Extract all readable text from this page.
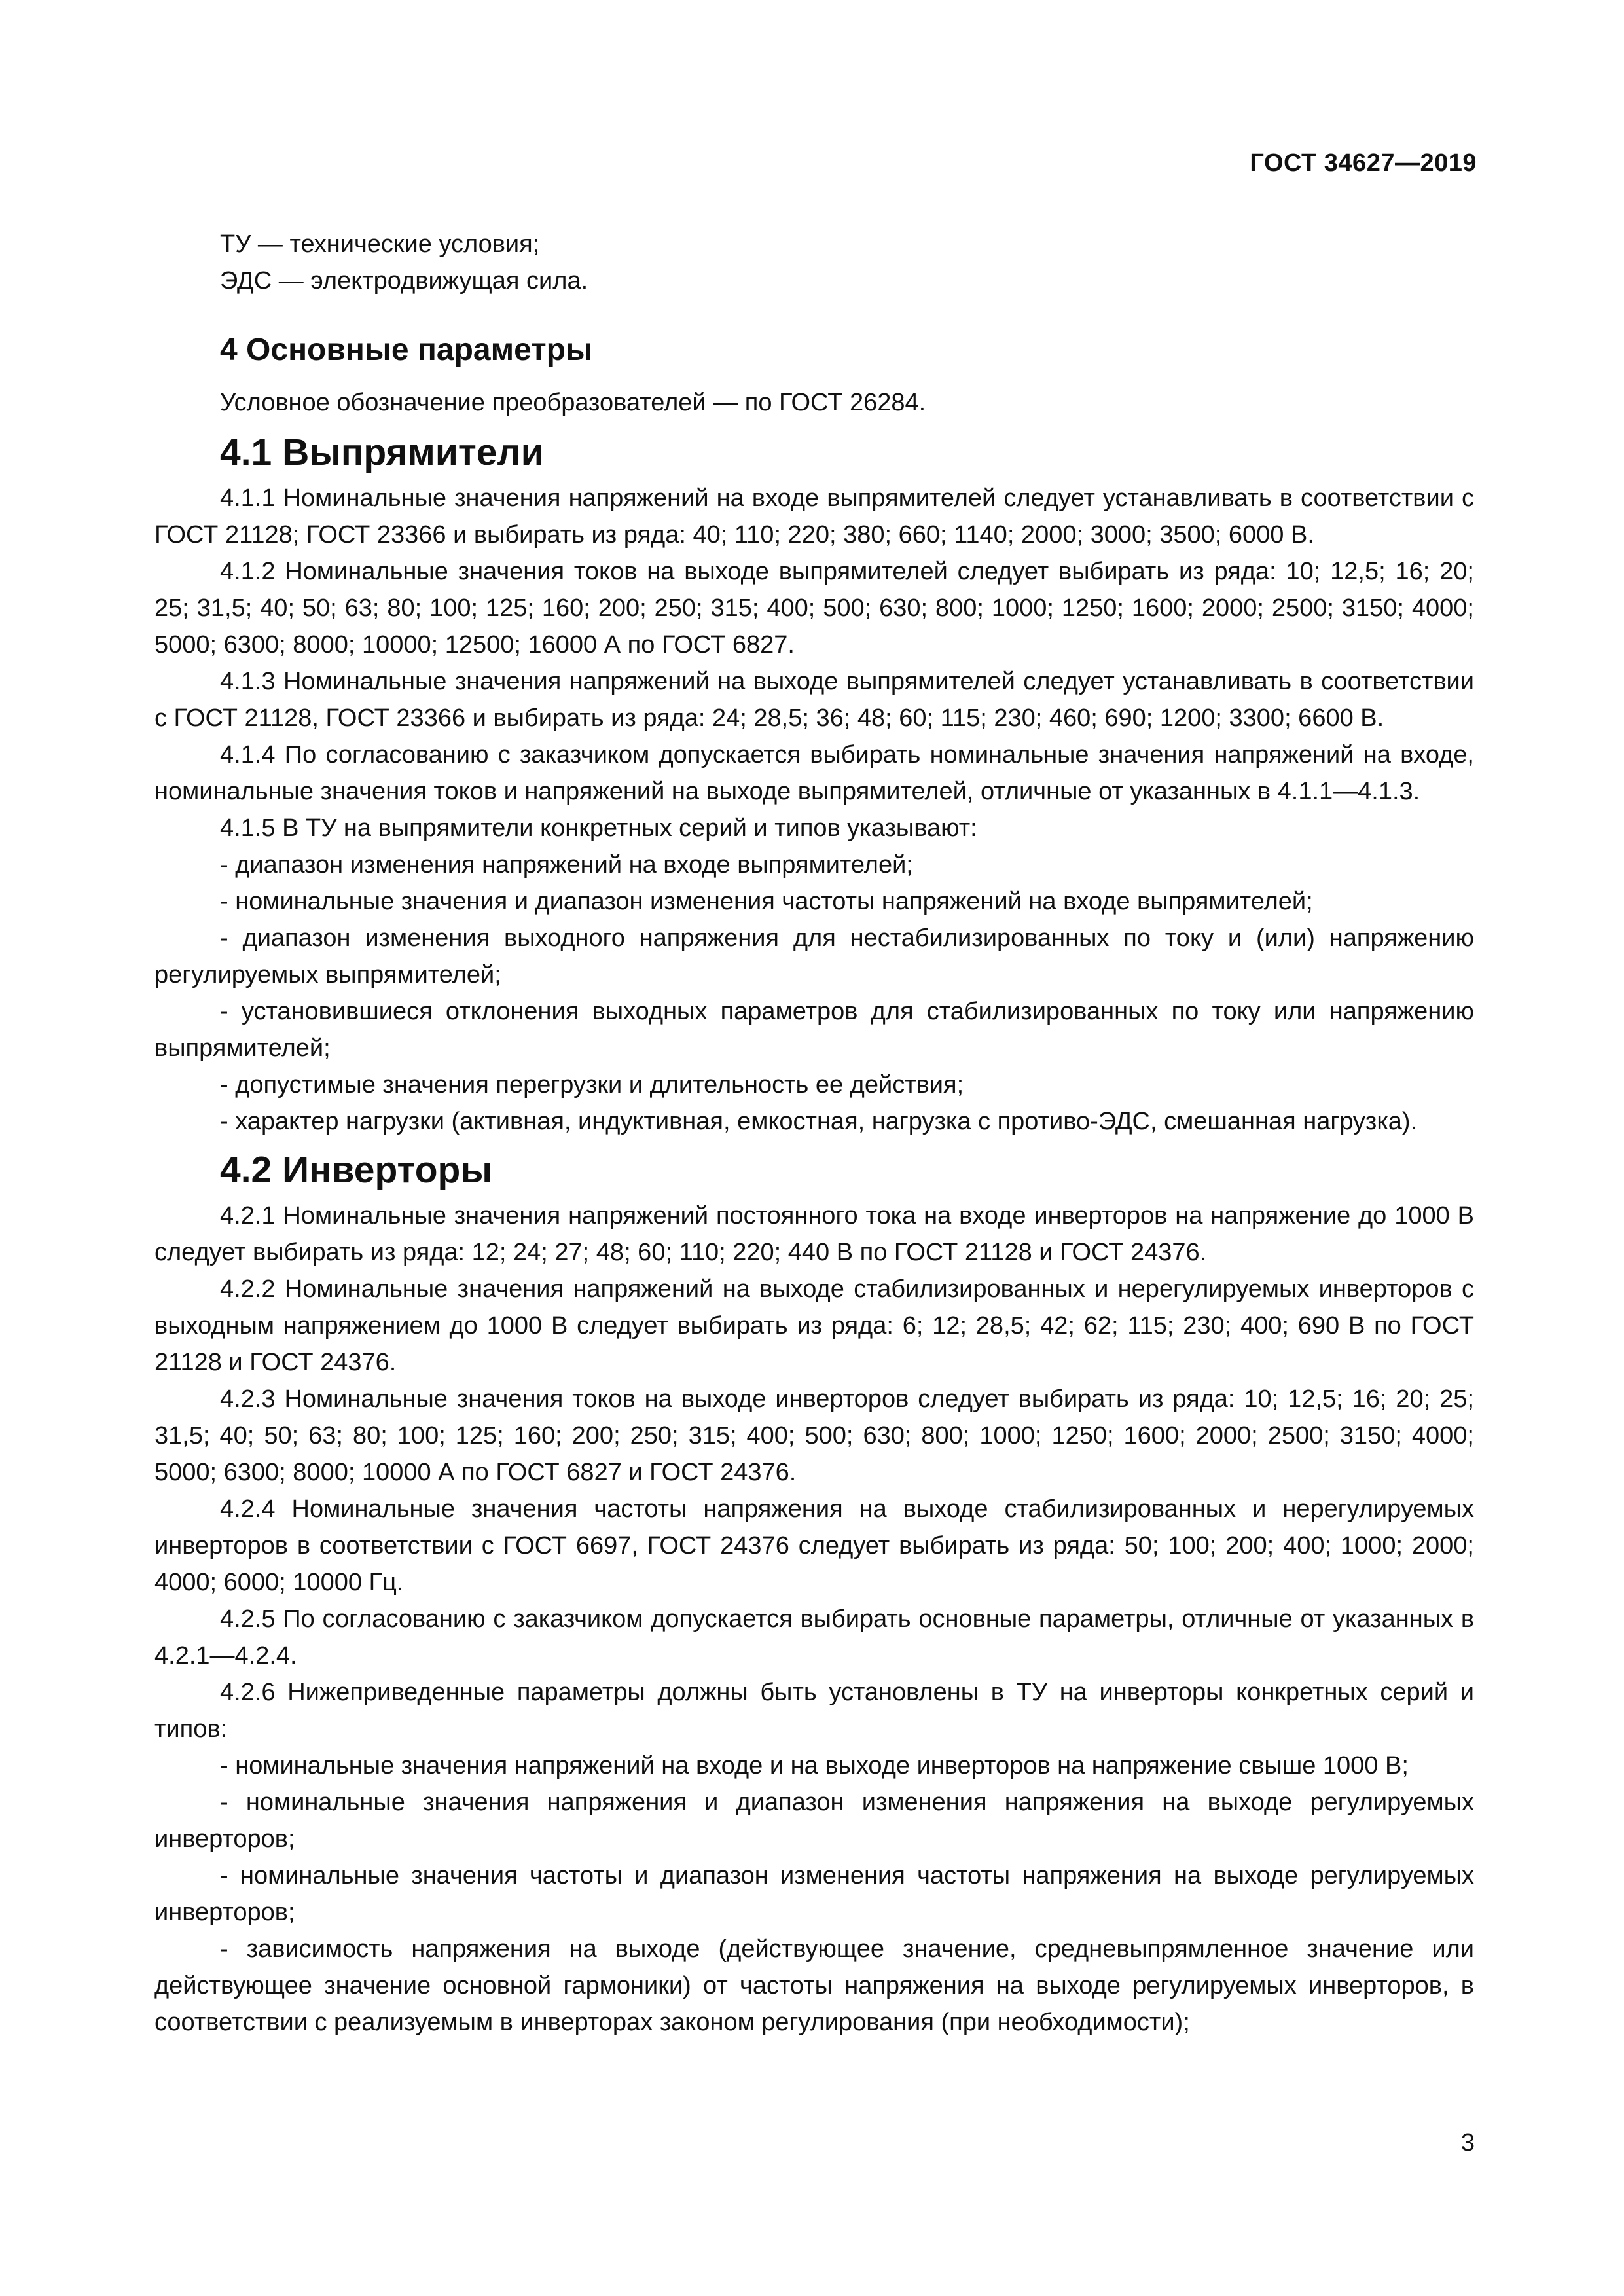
ГОСТ 34627—2019

ТУ — технические условия;

ЭДС — электродвижущая сила.

4 Основные параметры

Условное обозначение преобразователей — по ГОСТ 26284.

4.1 Выпрямители

4.1.1 Номинальные значения напряжений на входе выпрямителей следует устанавливать в соответствии с ГОСТ 21128; ГОСТ 23366 и выбирать из ряда: 40; 110; 220; 380; 660; 1140; 2000; 3000; 3500; 6000 В.

4.1.2 Номинальные значения токов на выходе выпрямителей следует выбирать из ряда: 10; 12,5; 16; 20; 25; 31,5; 40; 50; 63; 80; 100; 125; 160; 200; 250; 315; 400; 500; 630; 800; 1000; 1250; 1600; 2000; 2500; 3150; 4000; 5000; 6300; 8000; 10000; 12500; 16000 А по ГОСТ 6827.

4.1.3 Номинальные значения напряжений на выходе выпрямителей следует устанавливать в соответствии с ГОСТ 21128, ГОСТ 23366 и выбирать из ряда: 24; 28,5; 36; 48; 60; 115; 230; 460; 690; 1200; 3300; 6600 В.

4.1.4 По согласованию с заказчиком допускается выбирать номинальные значения напряжений на входе, номинальные значения токов и напряжений на выходе выпрямителей, отличные от указанных в 4.1.1—4.1.3.

4.1.5 В ТУ на выпрямители конкретных серий и типов указывают:

- диапазон изменения напряжений на входе выпрямителей;

- номинальные значения и диапазон изменения частоты напряжений на входе выпрямителей;

- диапазон изменения выходного напряжения для нестабилизированных по току и (или) напряжению регулируемых выпрямителей;

- установившиеся отклонения выходных параметров для стабилизированных по току или напряжению выпрямителей;

- допустимые значения перегрузки и длительность ее действия;

- характер нагрузки (активная, индуктивная, емкостная, нагрузка с противо-ЭДС, смешанная нагрузка).

4.2 Инверторы

4.2.1 Номинальные значения напряжений постоянного тока на входе инверторов на напряжение до 1000 В следует выбирать из ряда: 12; 24; 27; 48; 60; 110; 220; 440 В по ГОСТ 21128 и ГОСТ 24376.

4.2.2 Номинальные значения напряжений на выходе стабилизированных и нерегулируемых инверторов с выходным напряжением до 1000 В следует выбирать из ряда: 6; 12; 28,5; 42; 62; 115; 230; 400; 690 В по ГОСТ 21128 и ГОСТ 24376.

4.2.3 Номинальные значения токов на выходе инверторов следует выбирать из ряда: 10; 12,5; 16; 20; 25; 31,5; 40; 50; 63; 80; 100; 125; 160; 200; 250; 315; 400; 500; 630; 800; 1000; 1250; 1600; 2000; 2500; 3150; 4000; 5000; 6300; 8000; 10000 А по ГОСТ 6827 и ГОСТ 24376.

4.2.4 Номинальные значения частоты напряжения на выходе стабилизированных и нерегулируемых инверторов в соответствии с ГОСТ 6697, ГОСТ 24376 следует выбирать из ряда: 50; 100; 200; 400; 1000; 2000; 4000; 6000; 10000 Гц.

4.2.5 По согласованию с заказчиком допускается выбирать основные параметры, отличные от указанных в 4.2.1—4.2.4.

4.2.6 Нижеприведенные параметры должны быть установлены в ТУ на инверторы конкретных серий и типов:

- номинальные значения напряжений на входе и на выходе инверторов на напряжение свыше 1000 В;

- номинальные значения напряжения и диапазон изменения напряжения на выходе регулируемых инверторов;

- номинальные значения частоты и диапазон изменения частоты напряжения на выходе регулируемых инверторов;

- зависимость напряжения на выходе (действующее значение, средневыпрямленное значение или действующее значение основной гармоники) от частоты напряжения на выходе регулируемых инверторов, в соответствии с реализуемым в инверторах законом регулирования (при необходимости);

3
